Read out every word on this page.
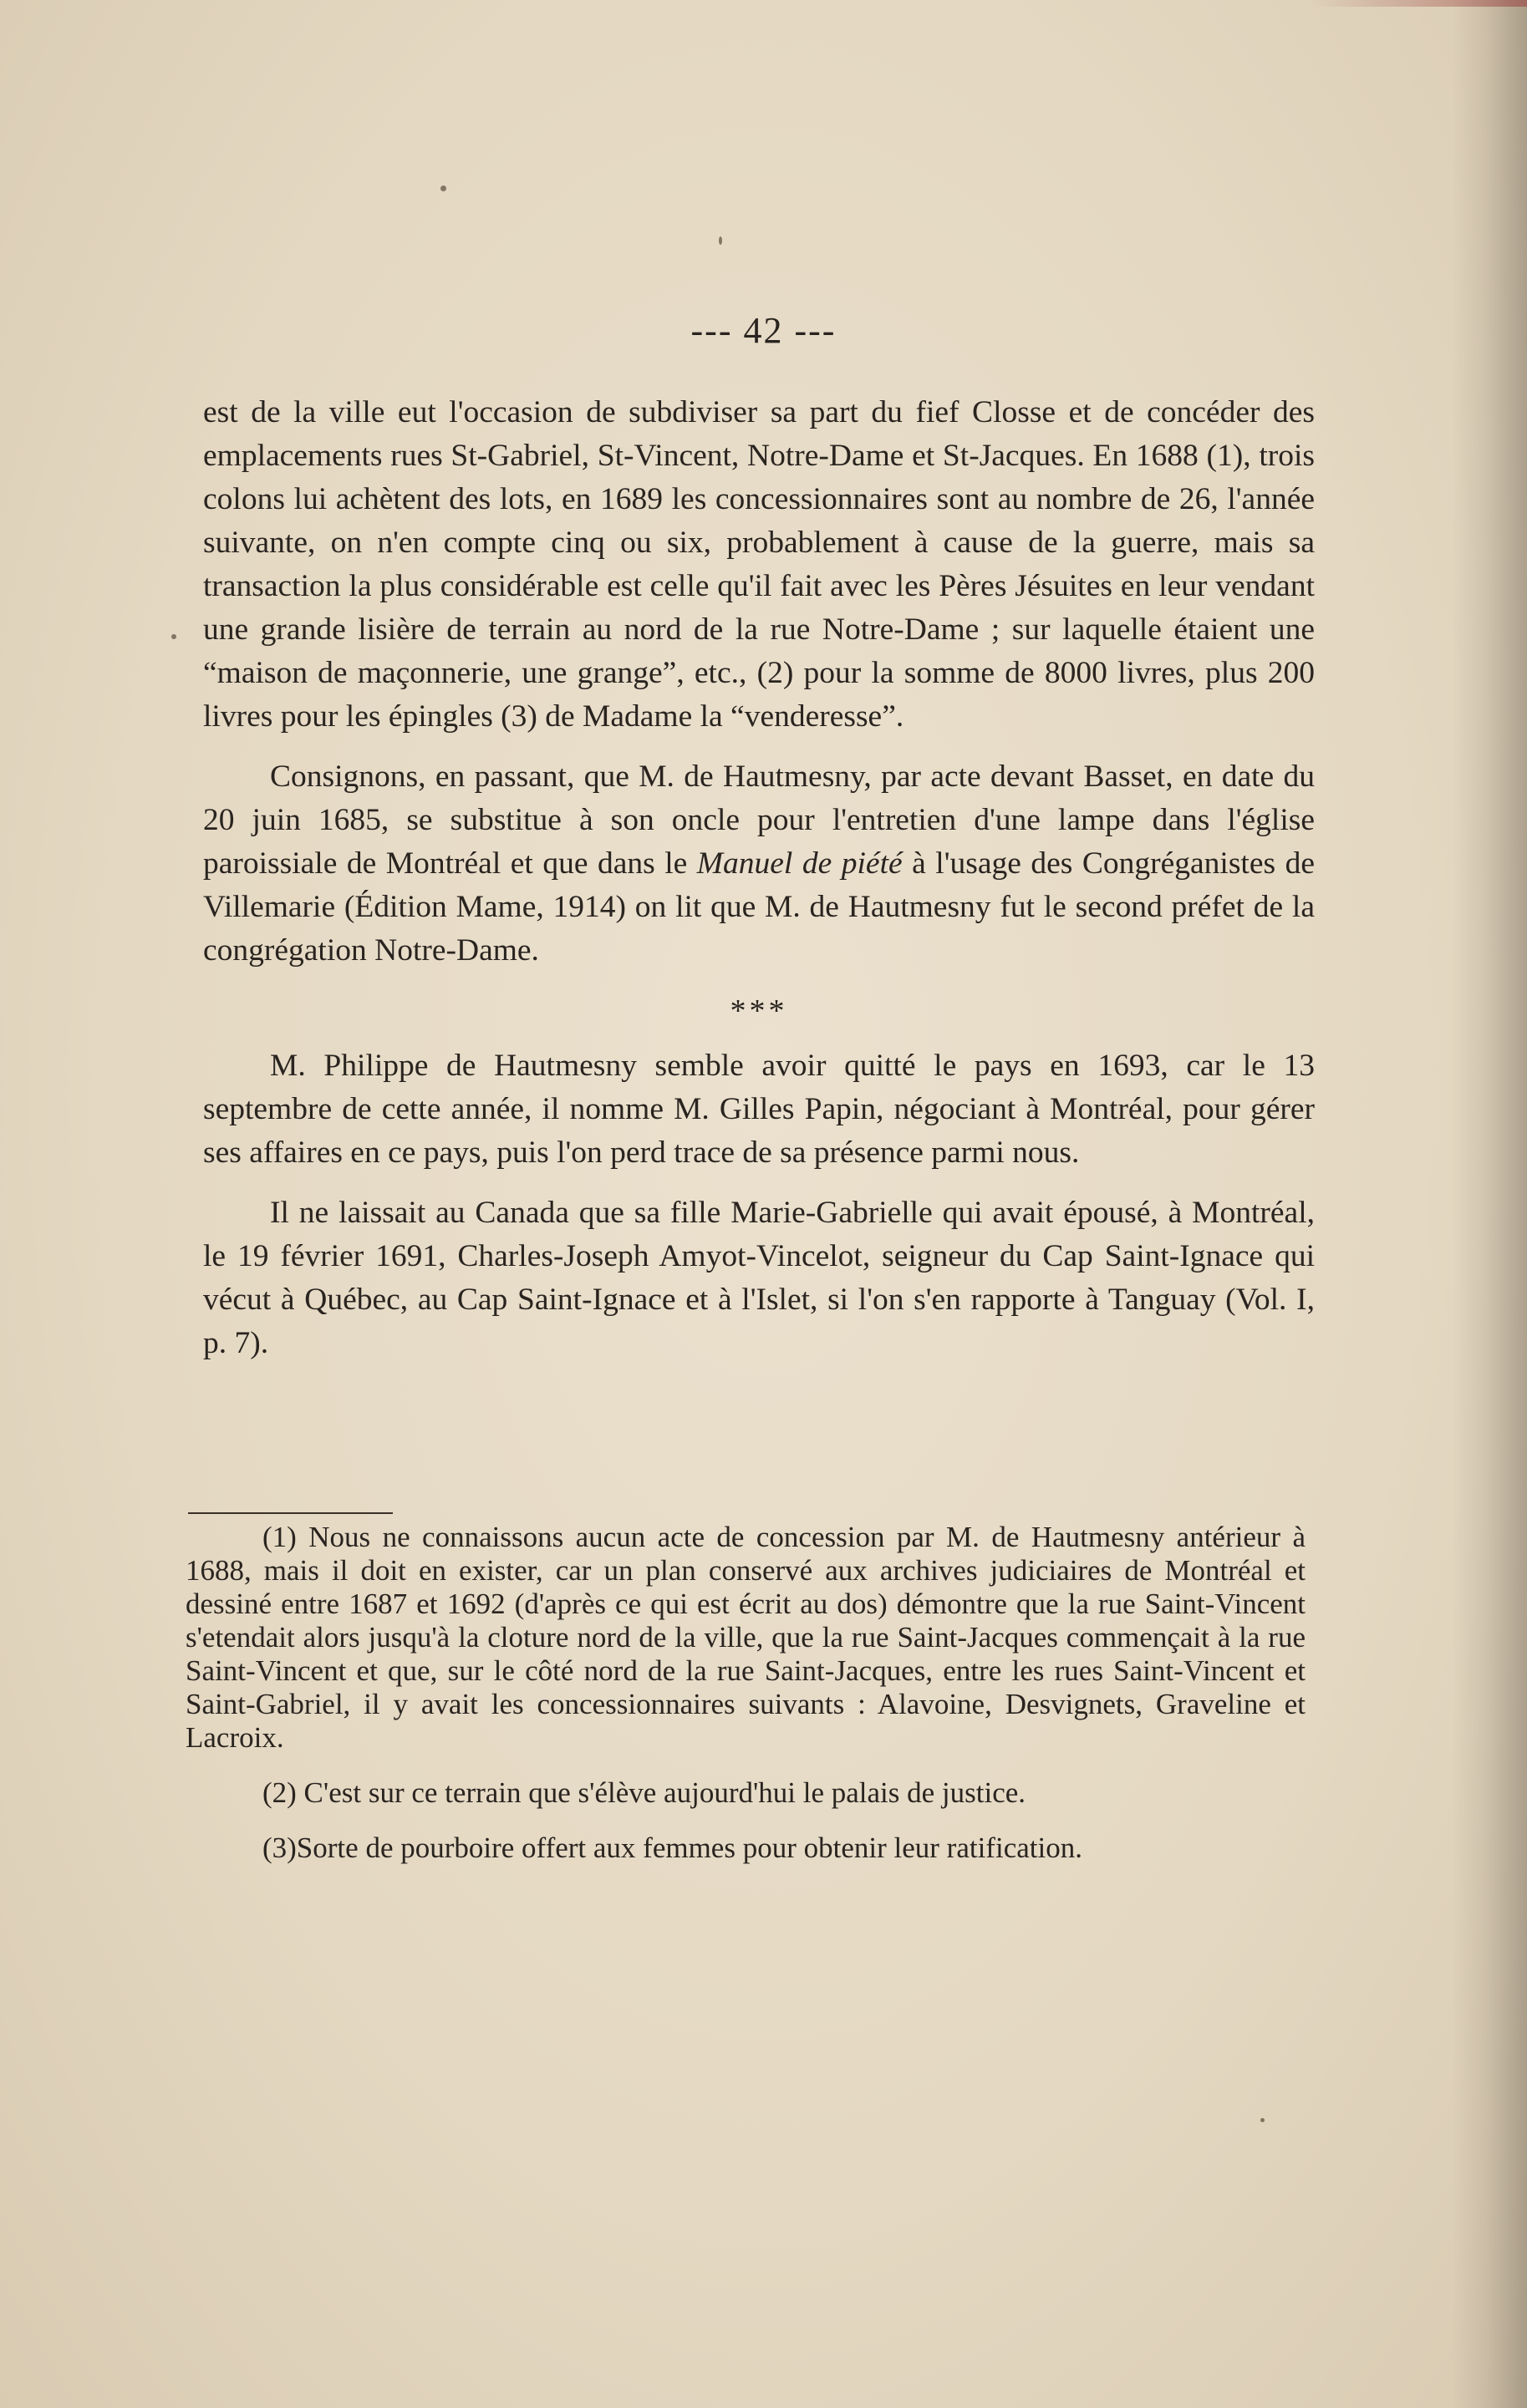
--- 42 ---

est de la ville eut l'occasion de subdiviser sa part du fief Closse et de concéder des emplacements rues St-Gabriel, St-Vincent, Notre-Dame et St-Jacques. En 1688 (1), trois colons lui achètent des lots, en 1689 les concessionnaires sont au nombre de 26, l'année suivante, on n'en compte cinq ou six, probablement à cause de la guerre, mais sa transaction la plus considérable est celle qu'il fait avec les Pères Jésuites en leur vendant une grande lisière de terrain au nord de la rue Notre-Dame ; sur laquelle étaient une “maison de maçonnerie, une grange”, etc., (2) pour la somme de 8000 livres, plus 200 livres pour les épingles (3) de Madame la “venderesse”.

Consignons, en passant, que M. de Hautmesny, par acte devant Basset, en date du 20 juin 1685, se substitue à son oncle pour l'entretien d'une lampe dans l'église paroissiale de Montréal et que dans le Manuel de piété à l'usage des Congréganistes de Villemarie (Édition Mame, 1914) on lit que M. de Hautmesny fut le second préfet de la congrégation Notre-Dame.

***

M. Philippe de Hautmesny semble avoir quitté le pays en 1693, car le 13 septembre de cette année, il nomme M. Gilles Papin, négociant à Montréal, pour gérer ses affaires en ce pays, puis l'on perd trace de sa présence parmi nous.

Il ne laissait au Canada que sa fille Marie-Gabrielle qui avait épousé, à Montréal, le 19 février 1691, Charles-Joseph Amyot-Vincelot, seigneur du Cap Saint-Ignace qui vécut à Québec, au Cap Saint-Ignace et à l'Islet, si l'on s'en rapporte à Tanguay (Vol. I, p. 7).

(1) Nous ne connaissons aucun acte de concession par M. de Hautmesny antérieur à 1688, mais il doit en exister, car un plan conservé aux archives judiciaires de Montréal et dessiné entre 1687 et 1692 (d'après ce qui est écrit au dos) démontre que la rue Saint-Vincent s'etendait alors jusqu'à la cloture nord de la ville, que la rue Saint-Jacques commençait à la rue Saint-Vincent et que, sur le côté nord de la rue Saint-Jacques, entre les rues Saint-Vincent et Saint-Gabriel, il y avait les concessionnaires suivants : Alavoine, Desvignets, Graveline et Lacroix.

(2) C'est sur ce terrain que s'élève aujourd'hui le palais de justice.

(3)Sorte de pourboire offert aux femmes pour obtenir leur ratification.
